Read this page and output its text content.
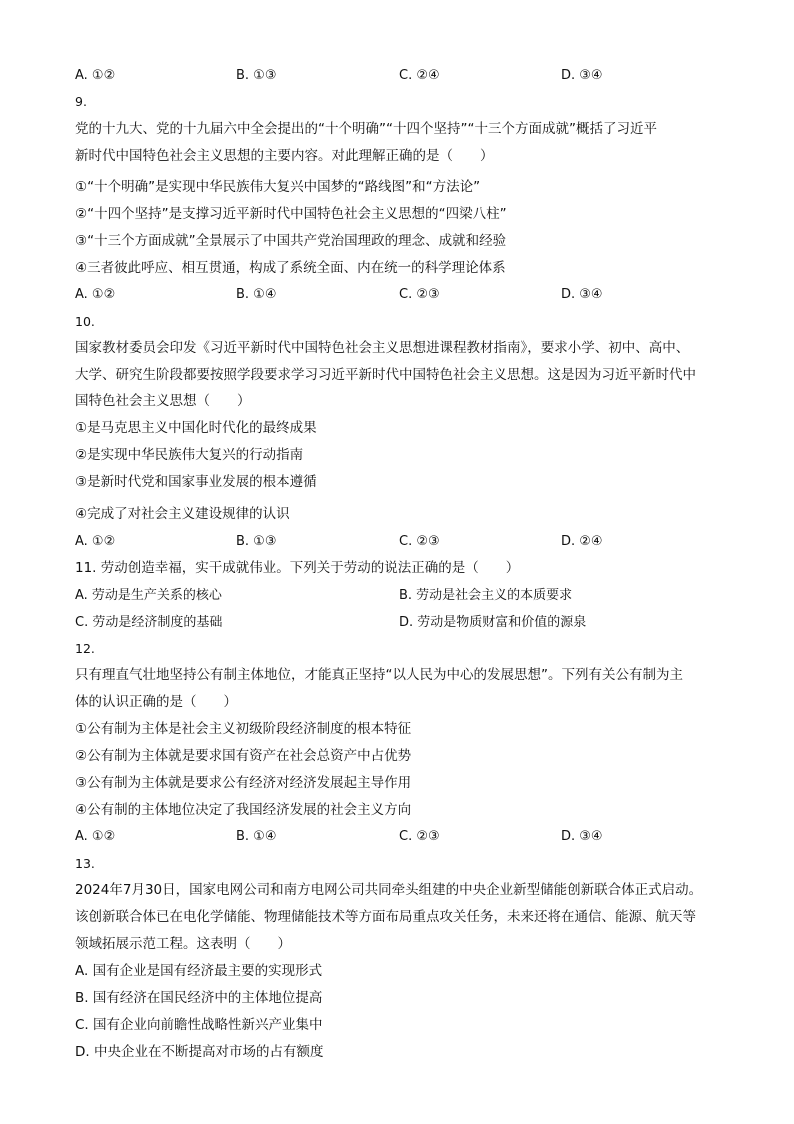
A. ①②	B. ①③	C. ②④	D. ③④
9.
党的十九大、党的十九届六中全会提出的“十个明确”“十四个坚持”“十三个方面成就”概括了习近平
新时代中国特色社会主义思想的主要内容。对此理解正确的是（　　）
①“十个明确”是实现中华民族伟大复兴中国梦的“路线图”和“方法论”
②“十四个坚持”是支撑习近平新时代中国特色社会主义思想的“四梁八柱”
③“十三个方面成就”全景展示了中国共产党治国理政的理念、成就和经验
④三者彼此呼应、相互贯通，构成了系统全面、内在统一的科学理论体系
A. ①②	B. ①④	C. ②③	D. ③④
10.
国家教材委员会印发《习近平新时代中国特色社会主义思想进课程教材指南》，要求小学、初中、高中、
大学、研究生阶段都要按照学段要求学习习近平新时代中国特色社会主义思想。这是因为习近平新时代中
国特色社会主义思想（　　）
①是马克思主义中国化时代化的最终成果
②是实现中华民族伟大复兴的行动指南
③是新时代党和国家事业发展的根本遵循
④完成了对社会主义建设规律的认识
A. ①②	B. ①③	C. ②③	D. ②④
11. 劳动创造幸福，实干成就伟业。下列关于劳动的说法正确的是（　　）
A. 劳动是生产关系的核心	B. 劳动是社会主义的本质要求
C. 劳动是经济制度的基础	D. 劳动是物质财富和价值的源泉
12.
只有理直气壮地坚持公有制主体地位，才能真正坚持“以人民为中心的发展思想”。下列有关公有制为主
体的认识正确的是（　　）
①公有制为主体是社会主义初级阶段经济制度的根本特征
②公有制为主体就是要求国有资产在社会总资产中占优势
③公有制为主体就是要求公有经济对经济发展起主导作用
④公有制的主体地位决定了我国经济发展的社会主义方向
A. ①②	B. ①④	C. ②③	D. ③④
13.
2024年7月30日，国家电网公司和南方电网公司共同牵头组建的中央企业新型储能创新联合体正式启动。
该创新联合体已在电化学储能、物理储能技术等方面布局重点攻关任务，未来还将在通信、能源、航天等
领域拓展示范工程。这表明（　　）
A. 国有企业是国有经济最主要的实现形式
B. 国有经济在国民经济中的主体地位提高
C. 国有企业向前瞻性战略性新兴产业集中
D. 中央企业在不断提高对市场的占有额度
